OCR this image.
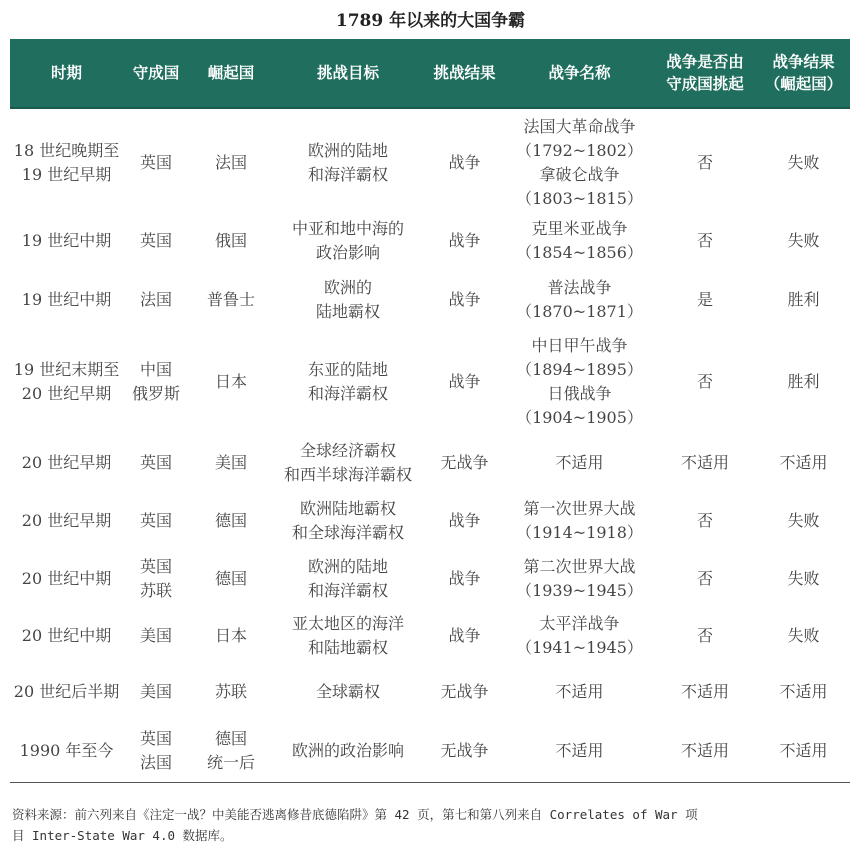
1789 年以来的大国争霸
时期	守成国	崛起国	挑战目标	挑战结果	战争名称	战争是否由
守成国挑起	战争结果
（崛起国）

18 世纪晚期至
19 世纪早期	英国	法国	欧洲的陆地
和海洋霸权	战争	法国大革命战争
（1792~1802）
拿破仑战争
（1803~1815）	否	失败

19 世纪中期	英国	俄国	中亚和地中海的
政治影响	战争	克里米亚战争
（1854~1856）	否	失败

19 世纪中期	法国	普鲁士	欧洲的
陆地霸权	战争	普法战争
（1870~1871）	是	胜利

19 世纪末期至
20 世纪早期	中国
俄罗斯	日本	东亚的陆地
和海洋霸权	战争	中日甲午战争
（1894~1895）
日俄战争
（1904~1905）	否	胜利

20 世纪早期	英国	美国	全球经济霸权
和西半球海洋霸权	无战争	不适用	不适用	不适用

20 世纪早期	英国	德国	欧洲陆地霸权
和全球海洋霸权	战争	第一次世界大战
（1914~1918）	否	失败

20 世纪中期	英国
苏联	德国	欧洲的陆地
和海洋霸权	战争	第二次世界大战
（1939~1945）	否	失败

20 世纪中期	美国	日本	亚太地区的海洋
和陆地霸权	战争	太平洋战争
（1941~1945）	否	失败

20 世纪后半期	美国	苏联	全球霸权	无战争	不适用	不适用	不适用

1990 年至今	英国
法国	德国
统一后	欧洲的政治影响	无战争	不适用	不适用	不适用
资料来源：前六列来自《注定一战？中美能否逃离修昔底德陷阱》第 42 页，第七和第八列来自 Correlates of War 项
目 Inter-State War 4.0 数据库。
